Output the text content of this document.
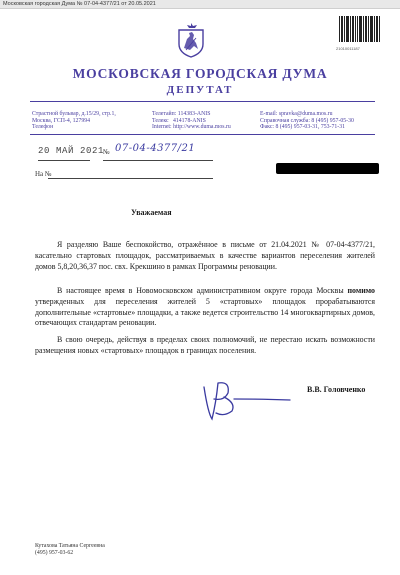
Московская городская Дума № 07-04-4377/21 от 20.05.2021
21010011187
МОСКОВСКАЯ ГОРОДСКАЯ ДУМА
ДЕПУТАТ
Страстной бульвар, д.15/29, стр.1,
Москва, ГСП-4, 127994
Телефон
Телетайп: 114383-ANIS
Телекс   414178-ANIS
Internet: http://www.duma.mos.ru
E-mail: spravka@duma.mos.ru
Справочная служба: 8 (495) 957-05-30
Факс: 8 (495) 957-03-31, 753-71-31
20 МАЙ 2021
№ 07-04-4377/21
На №
Уважаемая
Я разделяю Ваше беспокойство, отражённое в письме от 21.04.2021 № 07-04-4377/21, касательно стартовых площадок, рассматриваемых в качестве вариантов переселения жителей домов 5,8,20,36,37 пос. свх. Крекшино в рамках Программы реновации.
В настоящее время в Новомосковском административном округе города Москвы помимо утвержденных для переселения жителей 5 «стартовых» площадок прорабатываются дополнительные «стартовые» площадки, а также ведется строительство 14 многоквартирных домов, отвечающих стандартам реновации.
В свою очередь, действуя в пределах своих полномочий, не перестаю искать возможности размещения новых «стартовых» площадок в границах поселения.
В.В. Головченко
Кутахова Татьяна Сергеевна
(495) 957-03-62
